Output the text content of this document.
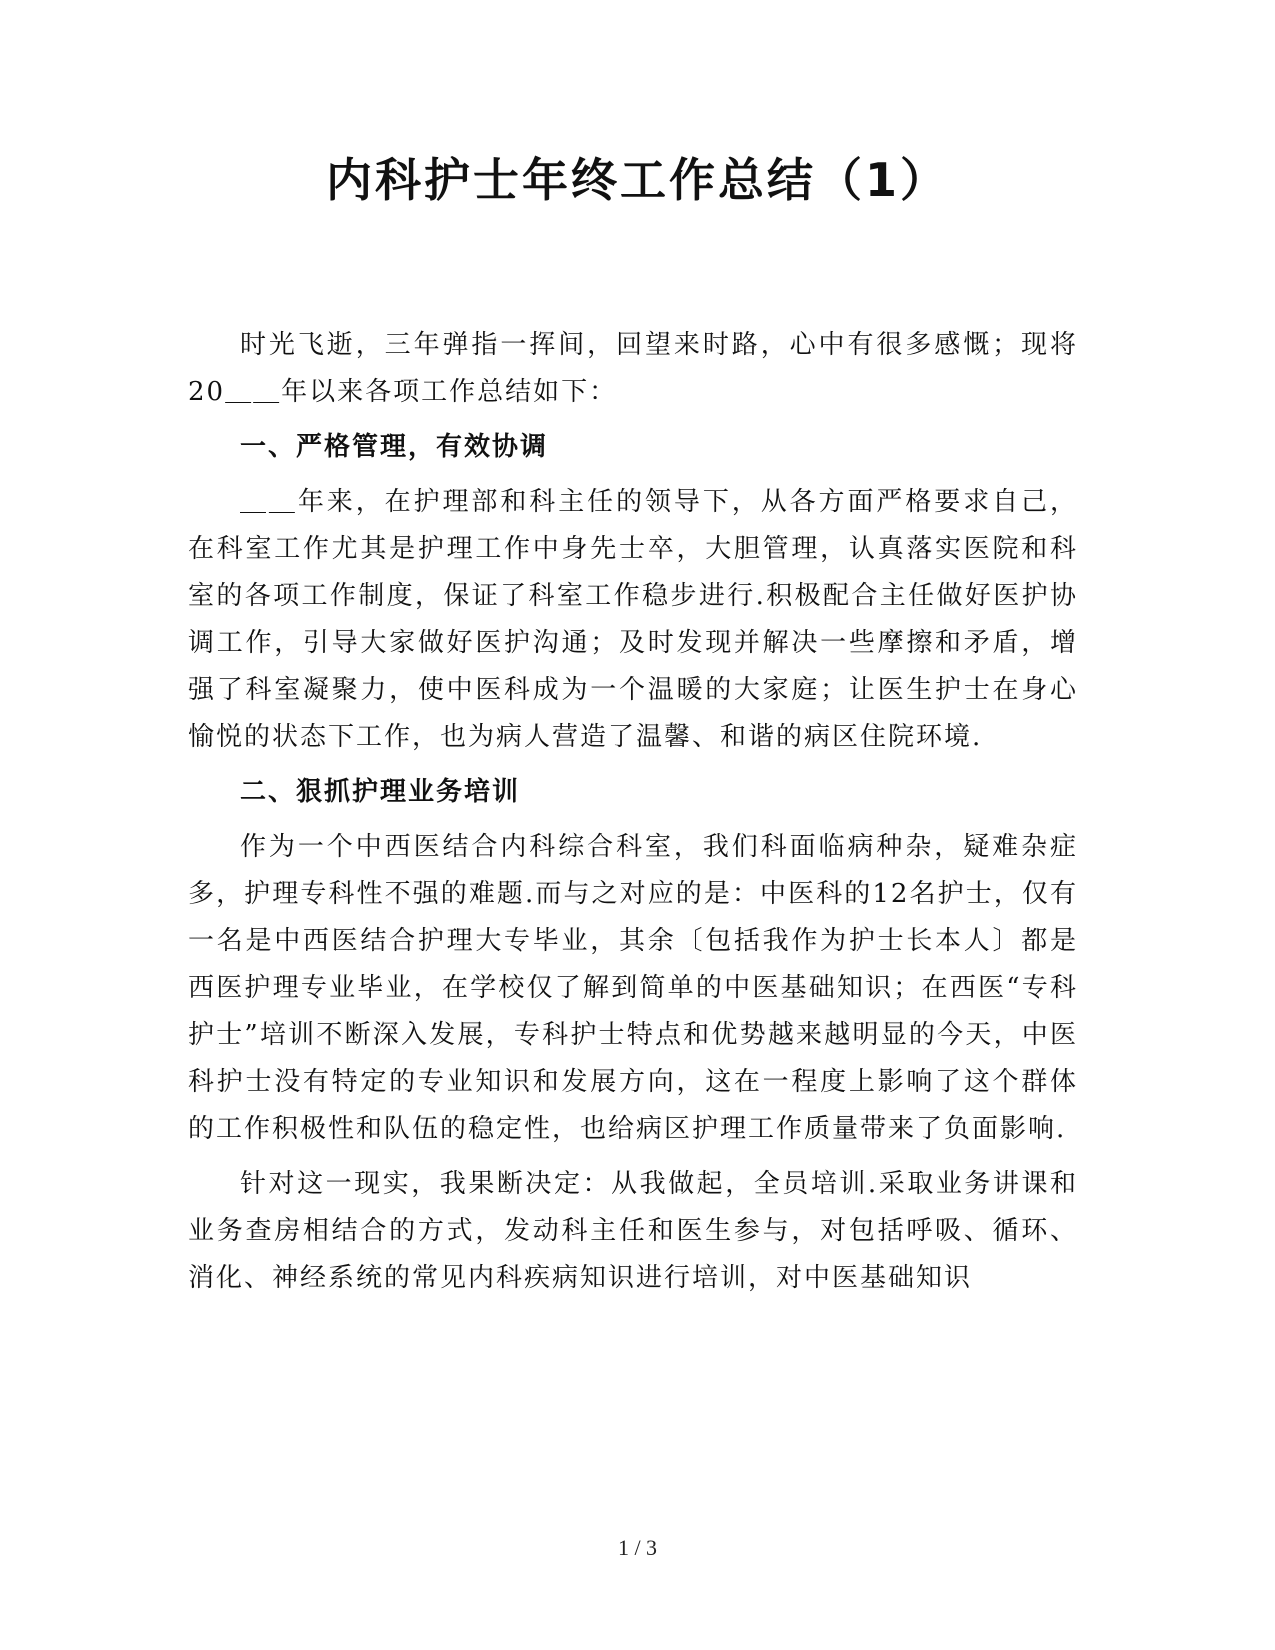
内科护士年终工作总结（1）

时光飞逝，三年弹指一挥间，回望来时路，心中有很多感慨；现将20＿＿年以来各项工作总结如下：

一、严格管理，有效协调

＿＿年来，在护理部和科主任的领导下，从各方面严格要求自己，在科室工作尤其是护理工作中身先士卒，大胆管理，认真落实医院和科室的各项工作制度，保证了科室工作稳步进行.积极配合主任做好医护协调工作，引导大家做好医护沟通；及时发现并解决一些摩擦和矛盾，增强了科室凝聚力，使中医科成为一个温暖的大家庭；让医生护士在身心愉悦的状态下工作，也为病人营造了温馨、和谐的病区住院环境.

二、狠抓护理业务培训

作为一个中西医结合内科综合科室，我们科面临病种杂，疑难杂症多，护理专科性不强的难题.而与之对应的是：中医科的12名护士，仅有一名是中西医结合护理大专毕业，其余〔包括我作为护士长本人〕都是西医护理专业毕业，在学校仅了解到简单的中医基础知识；在西医“专科护士”培训不断深入发展，专科护士特点和优势越来越明显的今天，中医科护士没有特定的专业知识和发展方向，这在一程度上影响了这个群体的工作积极性和队伍的稳定性，也给病区护理工作质量带来了负面影响.

针对这一现实，我果断决定：从我做起，全员培训.采取业务讲课和业务查房相结合的方式，发动科主任和医生参与，对包括呼吸、循环、消化、神经系统的常见内科疾病知识进行培训，对中医基础知识

1 / 3
